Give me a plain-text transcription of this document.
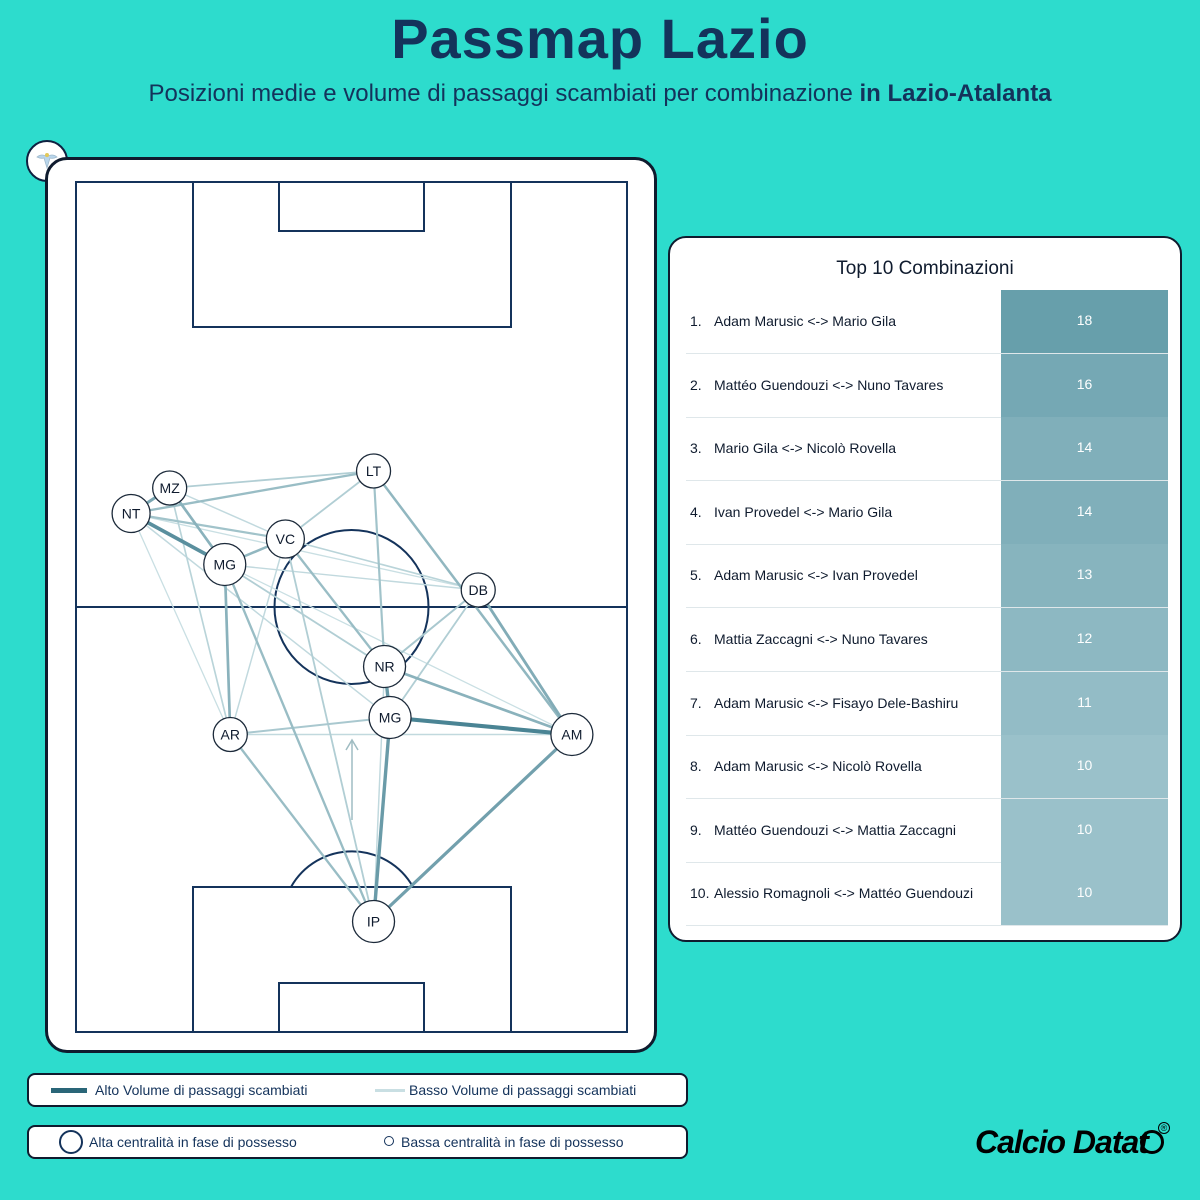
Passmap Lazio
Posizioni medie e volume di passaggi scambiati per combinazione in Lazio-Atalanta
MZ
LT
NT
VC
MG
DB
NR
MG
AR	AM
IP
Top 10 Combinazioni
1. Adam Marusic <-> Mario Gila	18
2. Mattéo Guendouzi <-> Nuno Tavares	16
3. Mario Gila <-> Nicolò Rovella	14
4. Ivan Provedel <-> Mario Gila	14
5. Adam Marusic <-> Ivan Provedel	13
6. Mattia Zaccagni <-> Nuno Tavares	12
7. Adam Marusic <-> Fisayo Dele-Bashiru	11
8. Adam Marusic <-> Nicolò Rovella	10
9. Mattéo Guendouzi <-> Mattia Zaccagni	10
10. Alessio Romagnoli <-> Mattéo Guendouzi	10
Alto Volume di passaggi scambiati	Basso Volume di passaggi scambiati
Alta centralità in fase di possesso	Bassa centralità in fase di possesso	Calcio Datat ®
